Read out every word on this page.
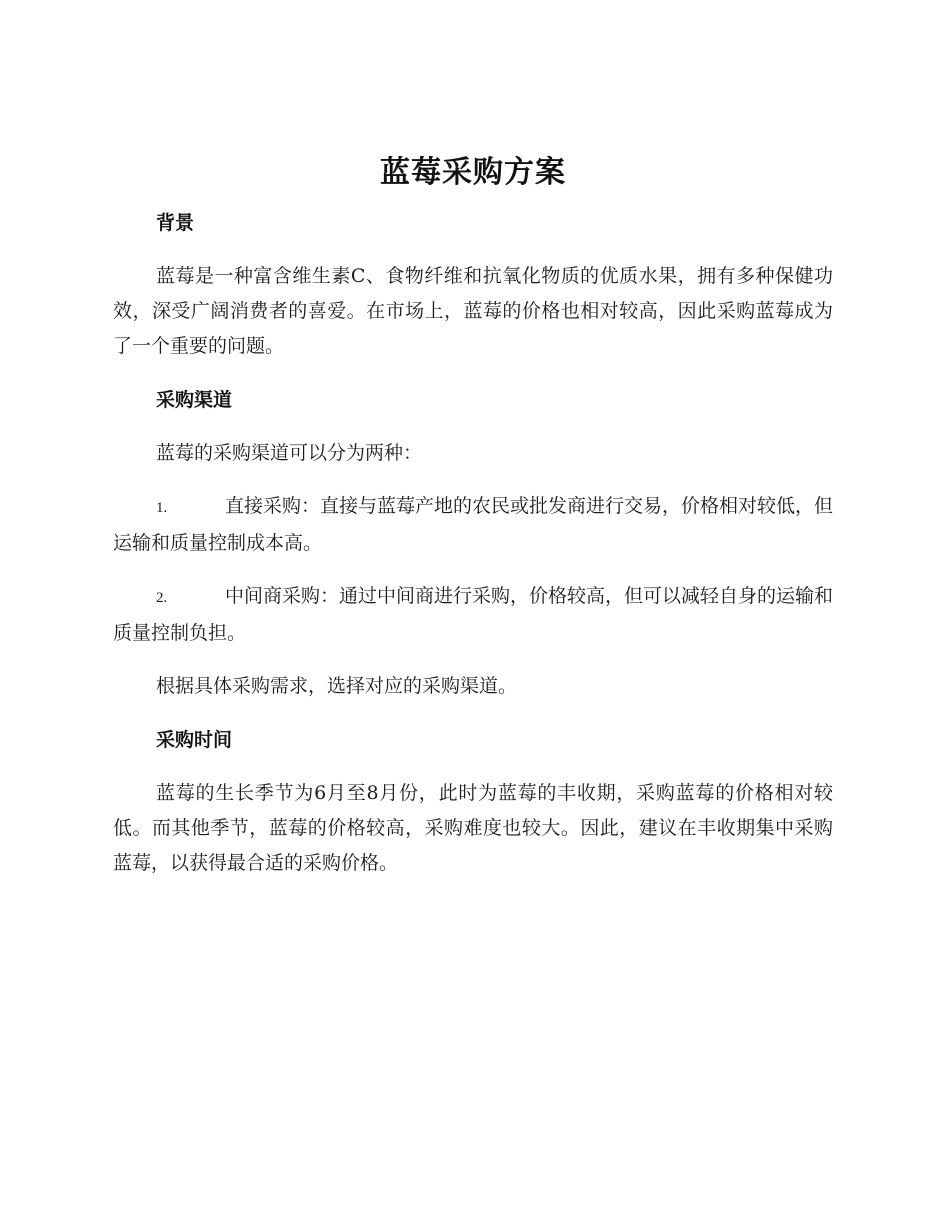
蓝莓采购方案
背景

蓝莓是一种富含维生素C、食物纤维和抗氧化物质的优质水果，拥有多种保健功效，深受广阔消费者的喜爱。在市场上，蓝莓的价格也相对较高，因此采购蓝莓成为了一个重要的问题。

采购渠道

蓝莓的采购渠道可以分为两种：

1.	直接采购：直接与蓝莓产地的农民或批发商进行交易，价格相对较低，但运输和质量控制成本高。

2.	中间商采购：通过中间商进行采购，价格较高，但可以减轻自身的运输和质量控制负担。

根据具体采购需求，选择对应的采购渠道。

采购时间

蓝莓的生长季节为6月至8月份，此时为蓝莓的丰收期，采购蓝莓的价格相对较低。而其他季节，蓝莓的价格较高，采购难度也较大。因此，建议在丰收期集中采购蓝莓，以获得最合适的采购价格。
